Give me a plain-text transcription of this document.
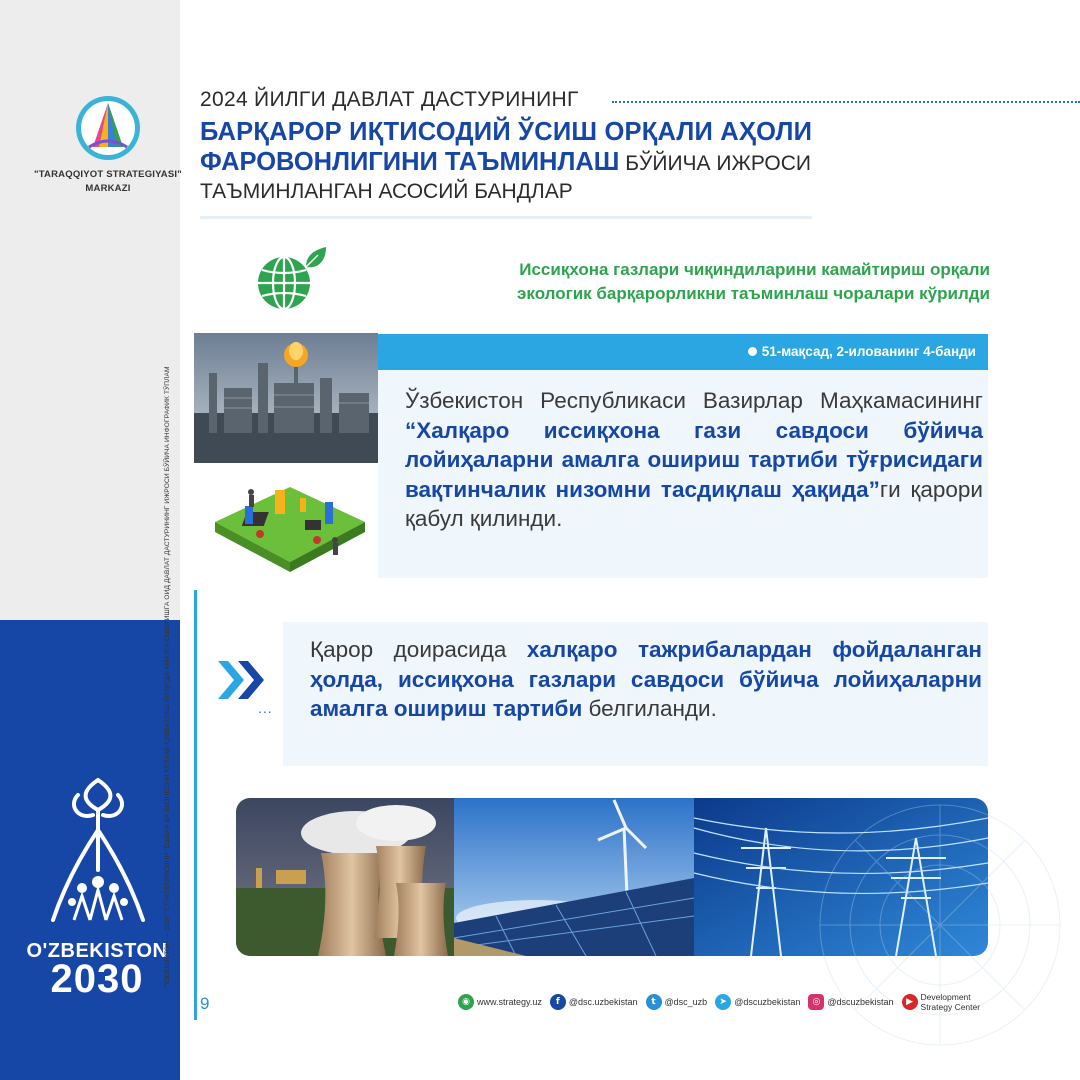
"TARAQQIYOT STRATEGIYASI"
MARKAZI
O'ZBEKISTON
2030	"ЎЗБЕКИСТОН — 2030" СТРАТЕГИЯСИНИ "ЁШЛАР ВА БИЗНЕСНИ ҚЎЛЛАБ-ҚУВВАТЛАШ ЙИЛИ"ДА АМАЛГА ОШИРИШГА ОИД ДАВЛАТ ДАСТУРИНИНГ ИЖРОСИ БЎЙИЧА ИНФОГРАФИК ТЎПЛАМ
9
2024 ЙИЛГИ ДАВЛАТ ДАСТУРИНИНГ
БАРҚАРОР ИҚТИСОДИЙ ЎСИШ ОРҚАЛИ АҲОЛИ
ФАРОВОНЛИГИНИ ТАЪМИНЛАШ БЎЙИЧА ИЖРОСИ
ТАЪМИНЛАНГАН АСОСИЙ БАНДЛАР
Иссиқхона газлари чиқиндиларини камайтириш орқали
экологик барқарорликни таъминлаш чоралари кўрилди
51-мақсад, 2-илованинг 4-банди
Ўзбекистон Республикаси Вазирлар Маҳкамасининг “Халқаро иссиқхона гази савдоси бўйича лойиҳаларни амалга ошириш тартиби тўғрисидаги вақтинчалик низомни тасдиқлаш ҳақида”ги қарори қабул қилинди.
...
Қарор доирасида халқаро тажрибалардан фойдаланган ҳолда, иссиқхона газлари савдоси бўйича лойиҳаларни амалга ошириш тартиби белгиланди.
◉ www.strategy.uz	f	@dsc.uzbekistan	t @dsc_uzb	➤ @dscuzbekistan	◎ @dscuzbekistan	▶ Development
Strategy Center
